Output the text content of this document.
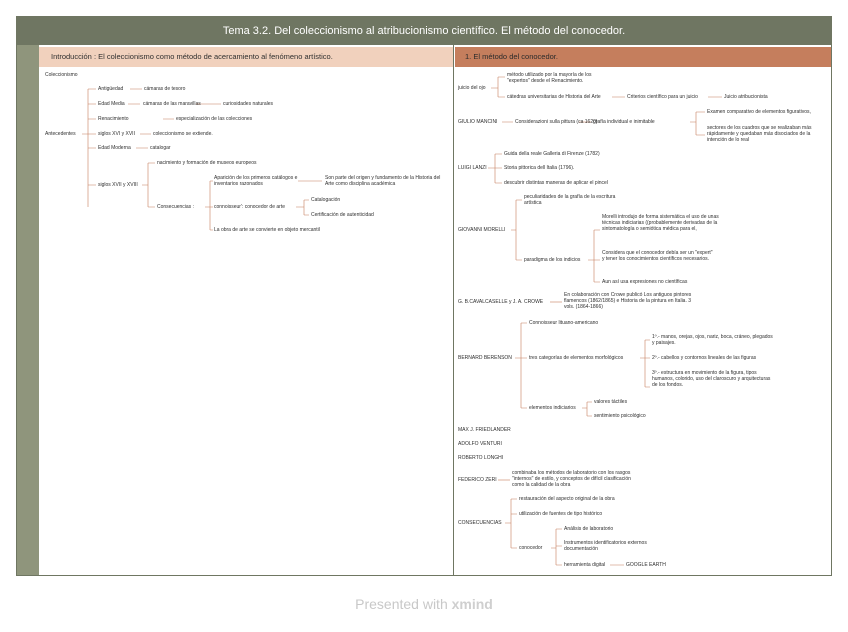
Tema 3.2. Del coleccionismo al atribucionismo científico. El método del conocedor.
Introducción : El coleccionismo como método de acercamiento al fenómeno artístico.	1. El método del conocedor.
Coleccionismo
Antecedentes
Antigüedad	cámaras de tesoro
Edad Media	cámaras de las maravillas	curiosidades naturales
Renacimiento	especialización de las colecciones
siglos XVI y XVII	coleccionismo se extiende.
Edad Moderna	catalogar
siglos XVII y XVIII
nacimiento y formación de museos europeos
Consecuencias :
Aparición de los primeros catálogos e inventarios razonados
Son parte del origen y fundamento de la Historia del Arte como disciplina académica
connoisseur': conocedor de arte
Catalogación
Certificación de autenticidad
La obra de arte se convierte en objeto mercantil
juicio del ojo
método utilizado por la mayoría de los "expertos" desde el Renacimiento.
cátedras universitarias de Historia del Arte	Criterios científico para un juicio	Juicio atribucionista
GIULIO MANCINI	Considerazioni sulla pittura (ca 1620)
grafía individual e inimitable
Examen comparativo de elementos figurativos,
sectores de los cuadros que se realizaban más rápidamente y quedaban más disociados de la intención de lo real
LUIGI LANZI
Guida della reale Galleria di Firenze (1782)
Storia pittorica dell Italia (1796).
descubrir distintas maneras de aplicar el pincel
GIOVANNI MORELLI
peculiaridades de la grafía de la escritura artística
paradigma de los indicios
Morelli introdujo de forma sistemática el uso de unas técnicas indiciarias ((probablemente derivadas de la sintomatología o semiótica médica para el,
Considera que el conocedor debía ser un "expert" y tener los conocimientos científicos necesarios.
Aun así usa expresiones no científicas
G. B.CAVALCASELLE y J. A. CROWE
En colaboración con Crowe publicó Los antiguos pintores flamencos (1862/1865) e Historia de la pintura en Italia. 3 vols. (1864-1866)
BERNARD BERENSON
Connoisseur lituano-americano
tres categorías de elementos morfológicos
1º.- manos, orejas, ojos, nariz, boca, cráneo, plegados y paisajes.
2º.- cabellos y contornos lineales de las figuras
3º.- estructura en movimiento de la figura, tipos humanos, colorido, uso del claroscuro y arquitecturas de los fondos.
elementos indiciarios
valores táctiles
sentimiento psicológico
MAX J. FRIEDLANDER
ADOLFO VENTURI
ROBERTO LONGHI
FEDERICO ZERI
combinaba los métodos de laboratorio con los rasgos "internos" de estilo, y conceptos de difícil clasificación como la calidad de la obra
CONSECUENCIAS
restauración del aspecto original de la obra
utilización de fuentes de tipo histórico
conocedor
Análisis de laboratorio
Instrumentos identificatorios externos documentación
herramienta digital	GOOGLE EARTH
Presented with xmind
